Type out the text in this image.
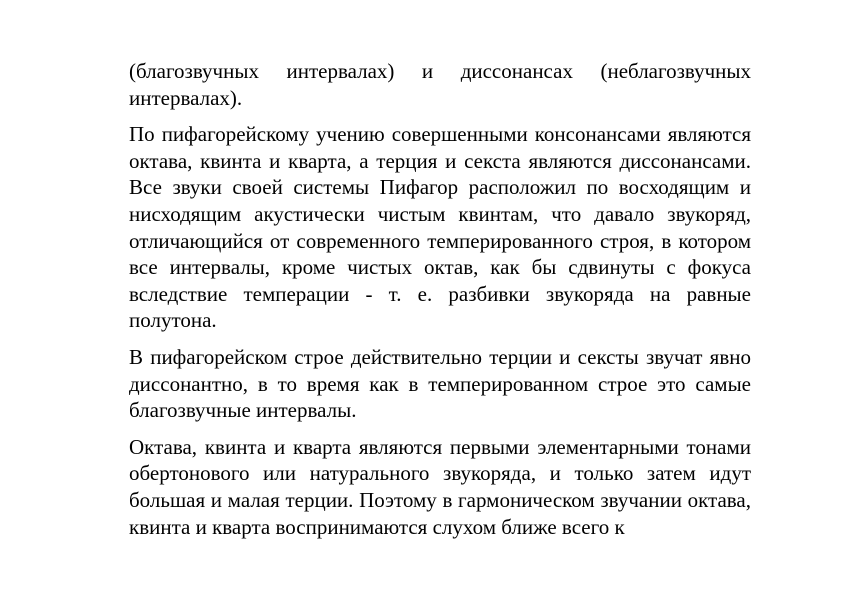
(благозвучных интервалах) и диссонансах (неблагозвучных интервалах).

По пифагорейскому учению совершенными консонансами являются октава, квинта и кварта, а терция и секста являются диссонансами. Все звуки своей системы Пифагор расположил по восходящим и нисходящим акустически чистым квинтам, что давало звукоряд, отличающийся от современного темперированного строя, в котором все интервалы, кроме чистых октав, как бы сдвинуты с фокуса вследствие темперации - т. е. разбивки звукоряда на равные полутона.

В пифагорейском строе действительно терции и сексты звучат явно диссонантно, в то время как в темперированном строе это самые благозвучные интервалы.

Октава, квинта и кварта являются первыми элементарными тонами обертонового или натурального звукоряда, и только затем идут большая и малая терции. Поэтому в гармоническом звучании октава, квинта и кварта воспринимаются слухом ближе всего к
